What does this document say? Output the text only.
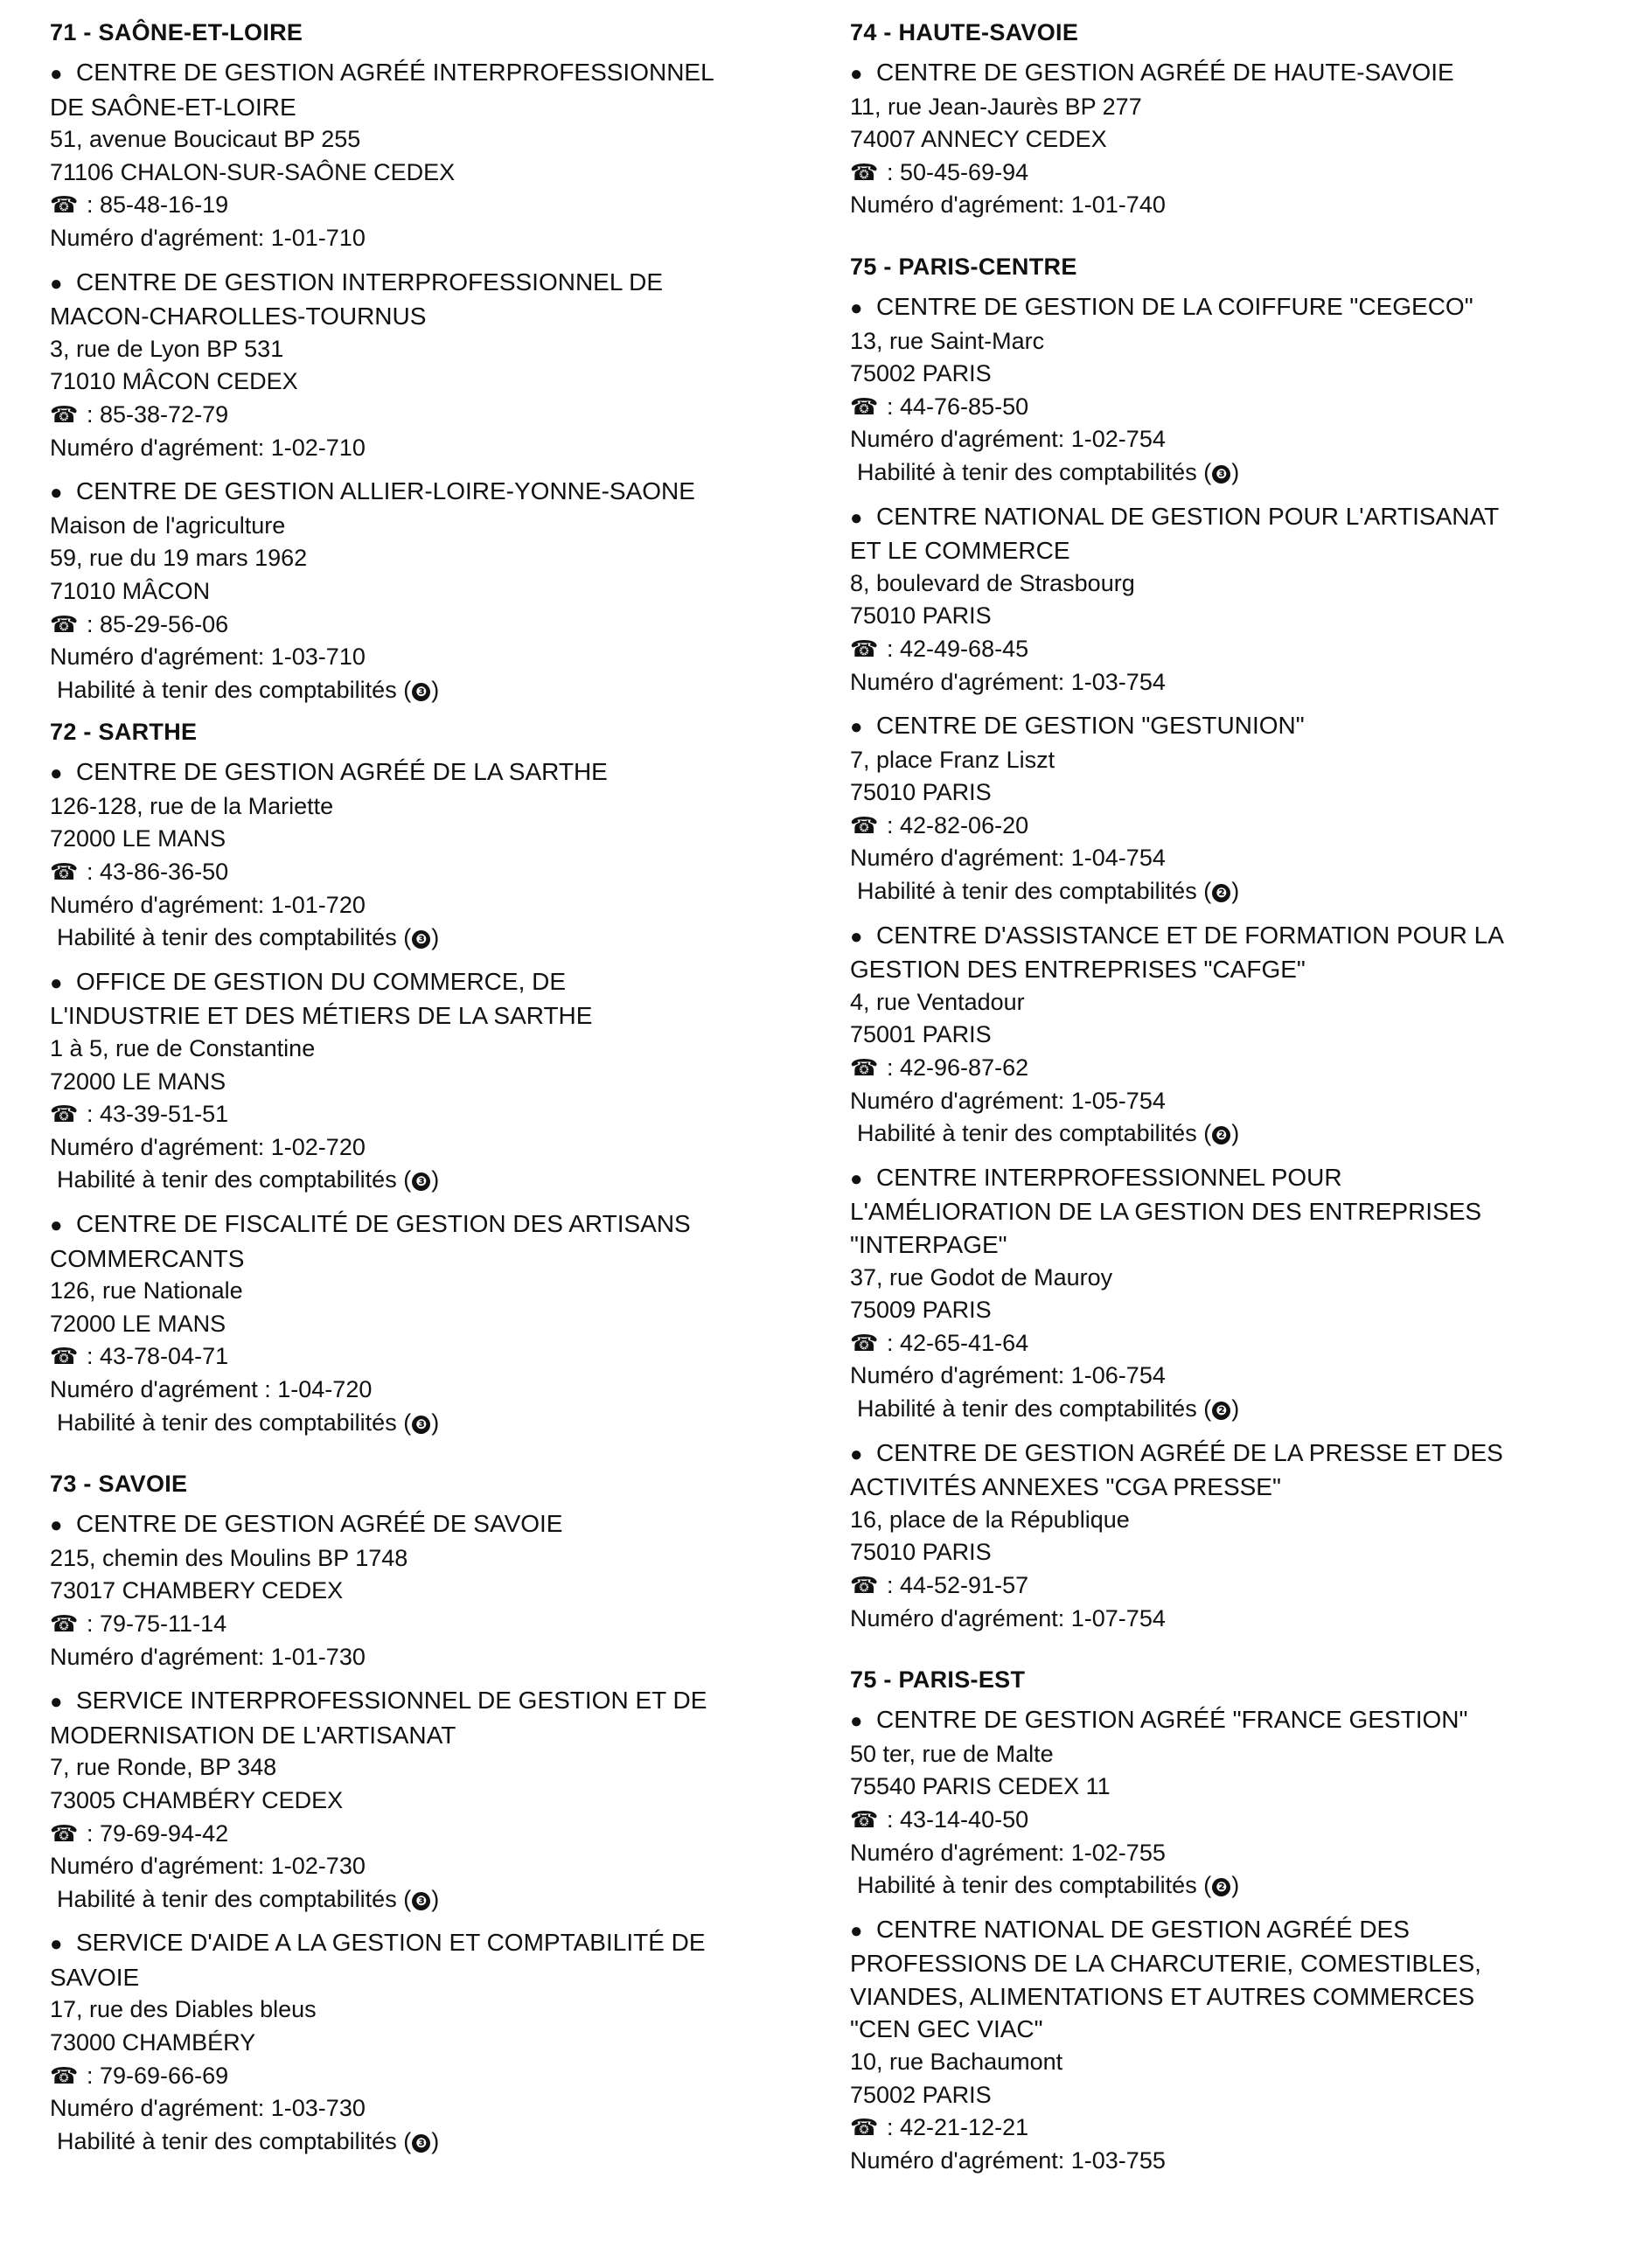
71 - SAÔNE-ET-LOIRE
● CENTRE DE GESTION AGRÉÉ INTERPROFESSIONNEL
DE SAÔNE-ET-LOIRE
51, avenue Boucicaut BP 255
71106 CHALON-SUR-SAÔNE CEDEX
☎ : 85-48-16-19
Numéro d'agrément: 1-01-710
● CENTRE DE GESTION INTERPROFESSIONNEL DE
MACON-CHAROLLES-TOURNUS
3, rue de Lyon BP 531
71010 MÂCON CEDEX
☎ : 85-38-72-79
Numéro d'agrément: 1-02-710
● CENTRE DE GESTION ALLIER-LOIRE-YONNE-SAONE
Maison de l'agriculture
59, rue du 19 mars 1962
71010 MÂCON
☎ : 85-29-56-06
Numéro d'agrément: 1-03-710
Habilité à tenir des comptabilités ( ❸ )
72 - SARTHE
● CENTRE DE GESTION AGRÉÉ DE LA SARTHE
126-128, rue de la Mariette
72000 LE MANS
☎ : 43-86-36-50
Numéro d'agrément: 1-01-720
Habilité à tenir des comptabilités ( ❸ )
● OFFICE DE GESTION DU COMMERCE, DE
L'INDUSTRIE ET DES MÉTIERS DE LA SARTHE
1 à 5, rue de Constantine
72000 LE MANS
☎ : 43-39-51-51
Numéro d'agrément: 1-02-720
Habilité à tenir des comptabilités ( ❸ )
● CENTRE DE FISCALITÉ DE GESTION DES ARTISANS
COMMERCANTS
126, rue Nationale
72000 LE MANS
☎ : 43-78-04-71
Numéro d'agrément : 1-04-720
Habilité à tenir des comptabilités ( ❸ )
73 - SAVOIE
● CENTRE DE GESTION AGRÉÉ DE SAVOIE
215, chemin des Moulins BP 1748
73017 CHAMBERY CEDEX
☎ : 79-75-11-14
Numéro d'agrément: 1-01-730
● SERVICE INTERPROFESSIONNEL DE GESTION ET DE
MODERNISATION DE L'ARTISANAT
7, rue Ronde, BP 348
73005 CHAMBÉRY CEDEX
☎ : 79-69-94-42
Numéro d'agrément: 1-02-730
Habilité à tenir des comptabilités ( ❸ )
● SERVICE D'AIDE A LA GESTION ET COMPTABILITÉ DE
SAVOIE
17, rue des Diables bleus
73000 CHAMBÉRY
☎ : 79-69-66-69
Numéro d'agrément: 1-03-730
Habilité à tenir des comptabilités ( ❸ )
74 - HAUTE-SAVOIE
● CENTRE DE GESTION AGRÉÉ DE HAUTE-SAVOIE
11, rue Jean-Jaurès BP 277
74007 ANNECY CEDEX
☎ : 50-45-69-94
Numéro d'agrément: 1-01-740
75 - PARIS-CENTRE
● CENTRE DE GESTION DE LA COIFFURE "CEGECO"
13, rue Saint-Marc
75002 PARIS
☎ : 44-76-85-50
Numéro d'agrément: 1-02-754
Habilité à tenir des comptabilités ( ❸ )
● CENTRE NATIONAL DE GESTION POUR L'ARTISANAT
ET LE COMMERCE
8, boulevard de Strasbourg
75010 PARIS
☎ : 42-49-68-45
Numéro d'agrément: 1-03-754
● CENTRE DE GESTION "GESTUNION"
7, place Franz Liszt
75010 PARIS
☎ : 42-82-06-20
Numéro d'agrément: 1-04-754
Habilité à tenir des comptabilités ( ❷ )
● CENTRE D'ASSISTANCE ET DE FORMATION POUR LA
GESTION DES ENTREPRISES "CAFGE"
4, rue Ventadour
75001 PARIS
☎ : 42-96-87-62
Numéro d'agrément: 1-05-754
Habilité à tenir des comptabilités ( ❷ )
● CENTRE INTERPROFESSIONNEL POUR
L'AMÉLIORATION DE LA GESTION DES ENTREPRISES
"INTERPAGE"
37, rue Godot de Mauroy
75009 PARIS
☎ : 42-65-41-64
Numéro d'agrément: 1-06-754
Habilité à tenir des comptabilités ( ❷ )
● CENTRE DE GESTION AGRÉÉ DE LA PRESSE ET DES
ACTIVITÉS ANNEXES "CGA PRESSE"
16, place de la République
75010 PARIS
☎ : 44-52-91-57
Numéro d'agrément: 1-07-754
75 - PARIS-EST
● CENTRE DE GESTION AGRÉÉ "FRANCE GESTION"
50 ter, rue de Malte
75540 PARIS CEDEX 11
☎ : 43-14-40-50
Numéro d'agrément: 1-02-755
Habilité à tenir des comptabilités ( ❷ )
● CENTRE NATIONAL DE GESTION AGRÉÉ DES
PROFESSIONS DE LA CHARCUTERIE, COMESTIBLES,
VIANDES, ALIMENTATIONS ET AUTRES COMMERCES
"CEN GEC VIAC"
10, rue Bachaumont
75002 PARIS
☎ : 42-21-12-21
Numéro d'agrément: 1-03-755
